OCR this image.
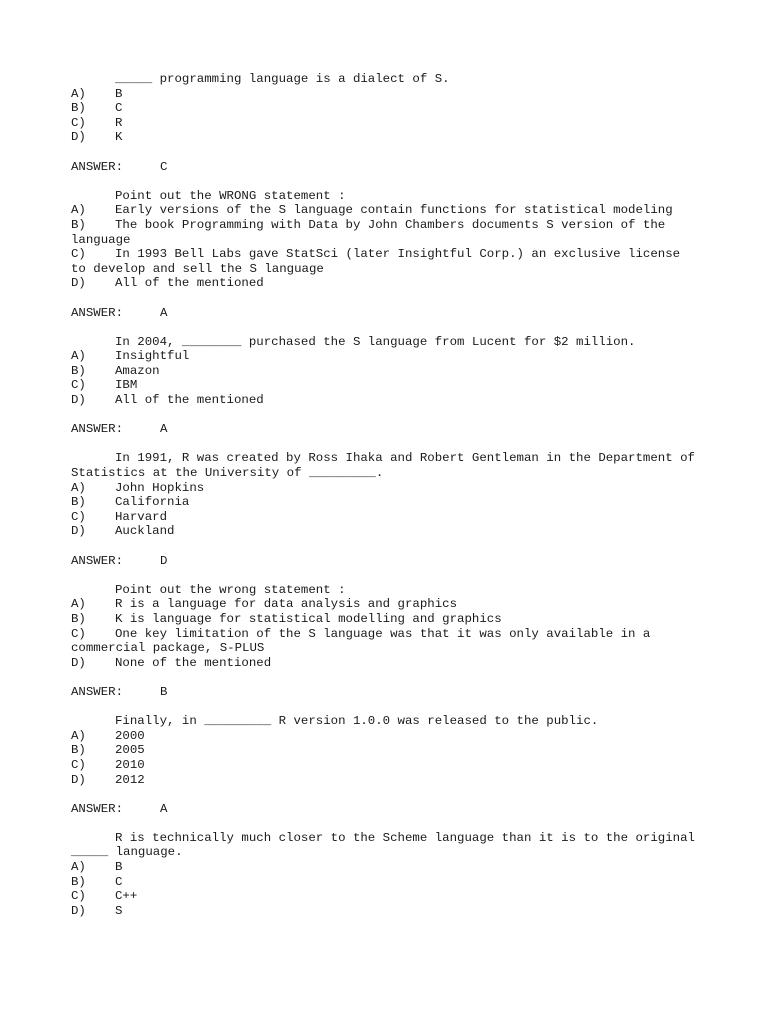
_____ programming language is a dialect of S.
A)	B
B)	C
C)	R
D)	K
ANSWER:	C
Point out the WRONG statement :
A)	Early versions of the S language contain functions for statistical modeling
B) The book Programming with Data by John Chambers documents S version of the language
C) In 1993 Bell Labs gave StatSci (later Insightful Corp.) an exclusive license to develop and sell the S language
D)	All of the mentioned
ANSWER:	A
In 2004, ________ purchased the S language from Lucent for $2 million.
A)	Insightful
B)	Amazon
C)	IBM
D)	All of the mentioned
ANSWER:	A
In 1991, R was created by Ross Ihaka and Robert Gentleman in the Department of Statistics at the University of _________.
A)	John Hopkins
B)	California
C)	Harvard
D)	Auckland
ANSWER:	D
Point out the wrong statement :
A)	R is a language for data analysis and graphics
B)	K is language for statistical modelling and graphics
C) One key limitation of the S language was that it was only available in a commercial package, S-PLUS
D)	None of the mentioned
ANSWER:	B
Finally, in _________ R version 1.0.0 was released to the public.
A)	2000
B)	2005
C)	2010
D)	2012
ANSWER:	A
R is technically much closer to the Scheme language than it is to the original _____ language.
A)	B
B)	C
C)	C++
D)	S
